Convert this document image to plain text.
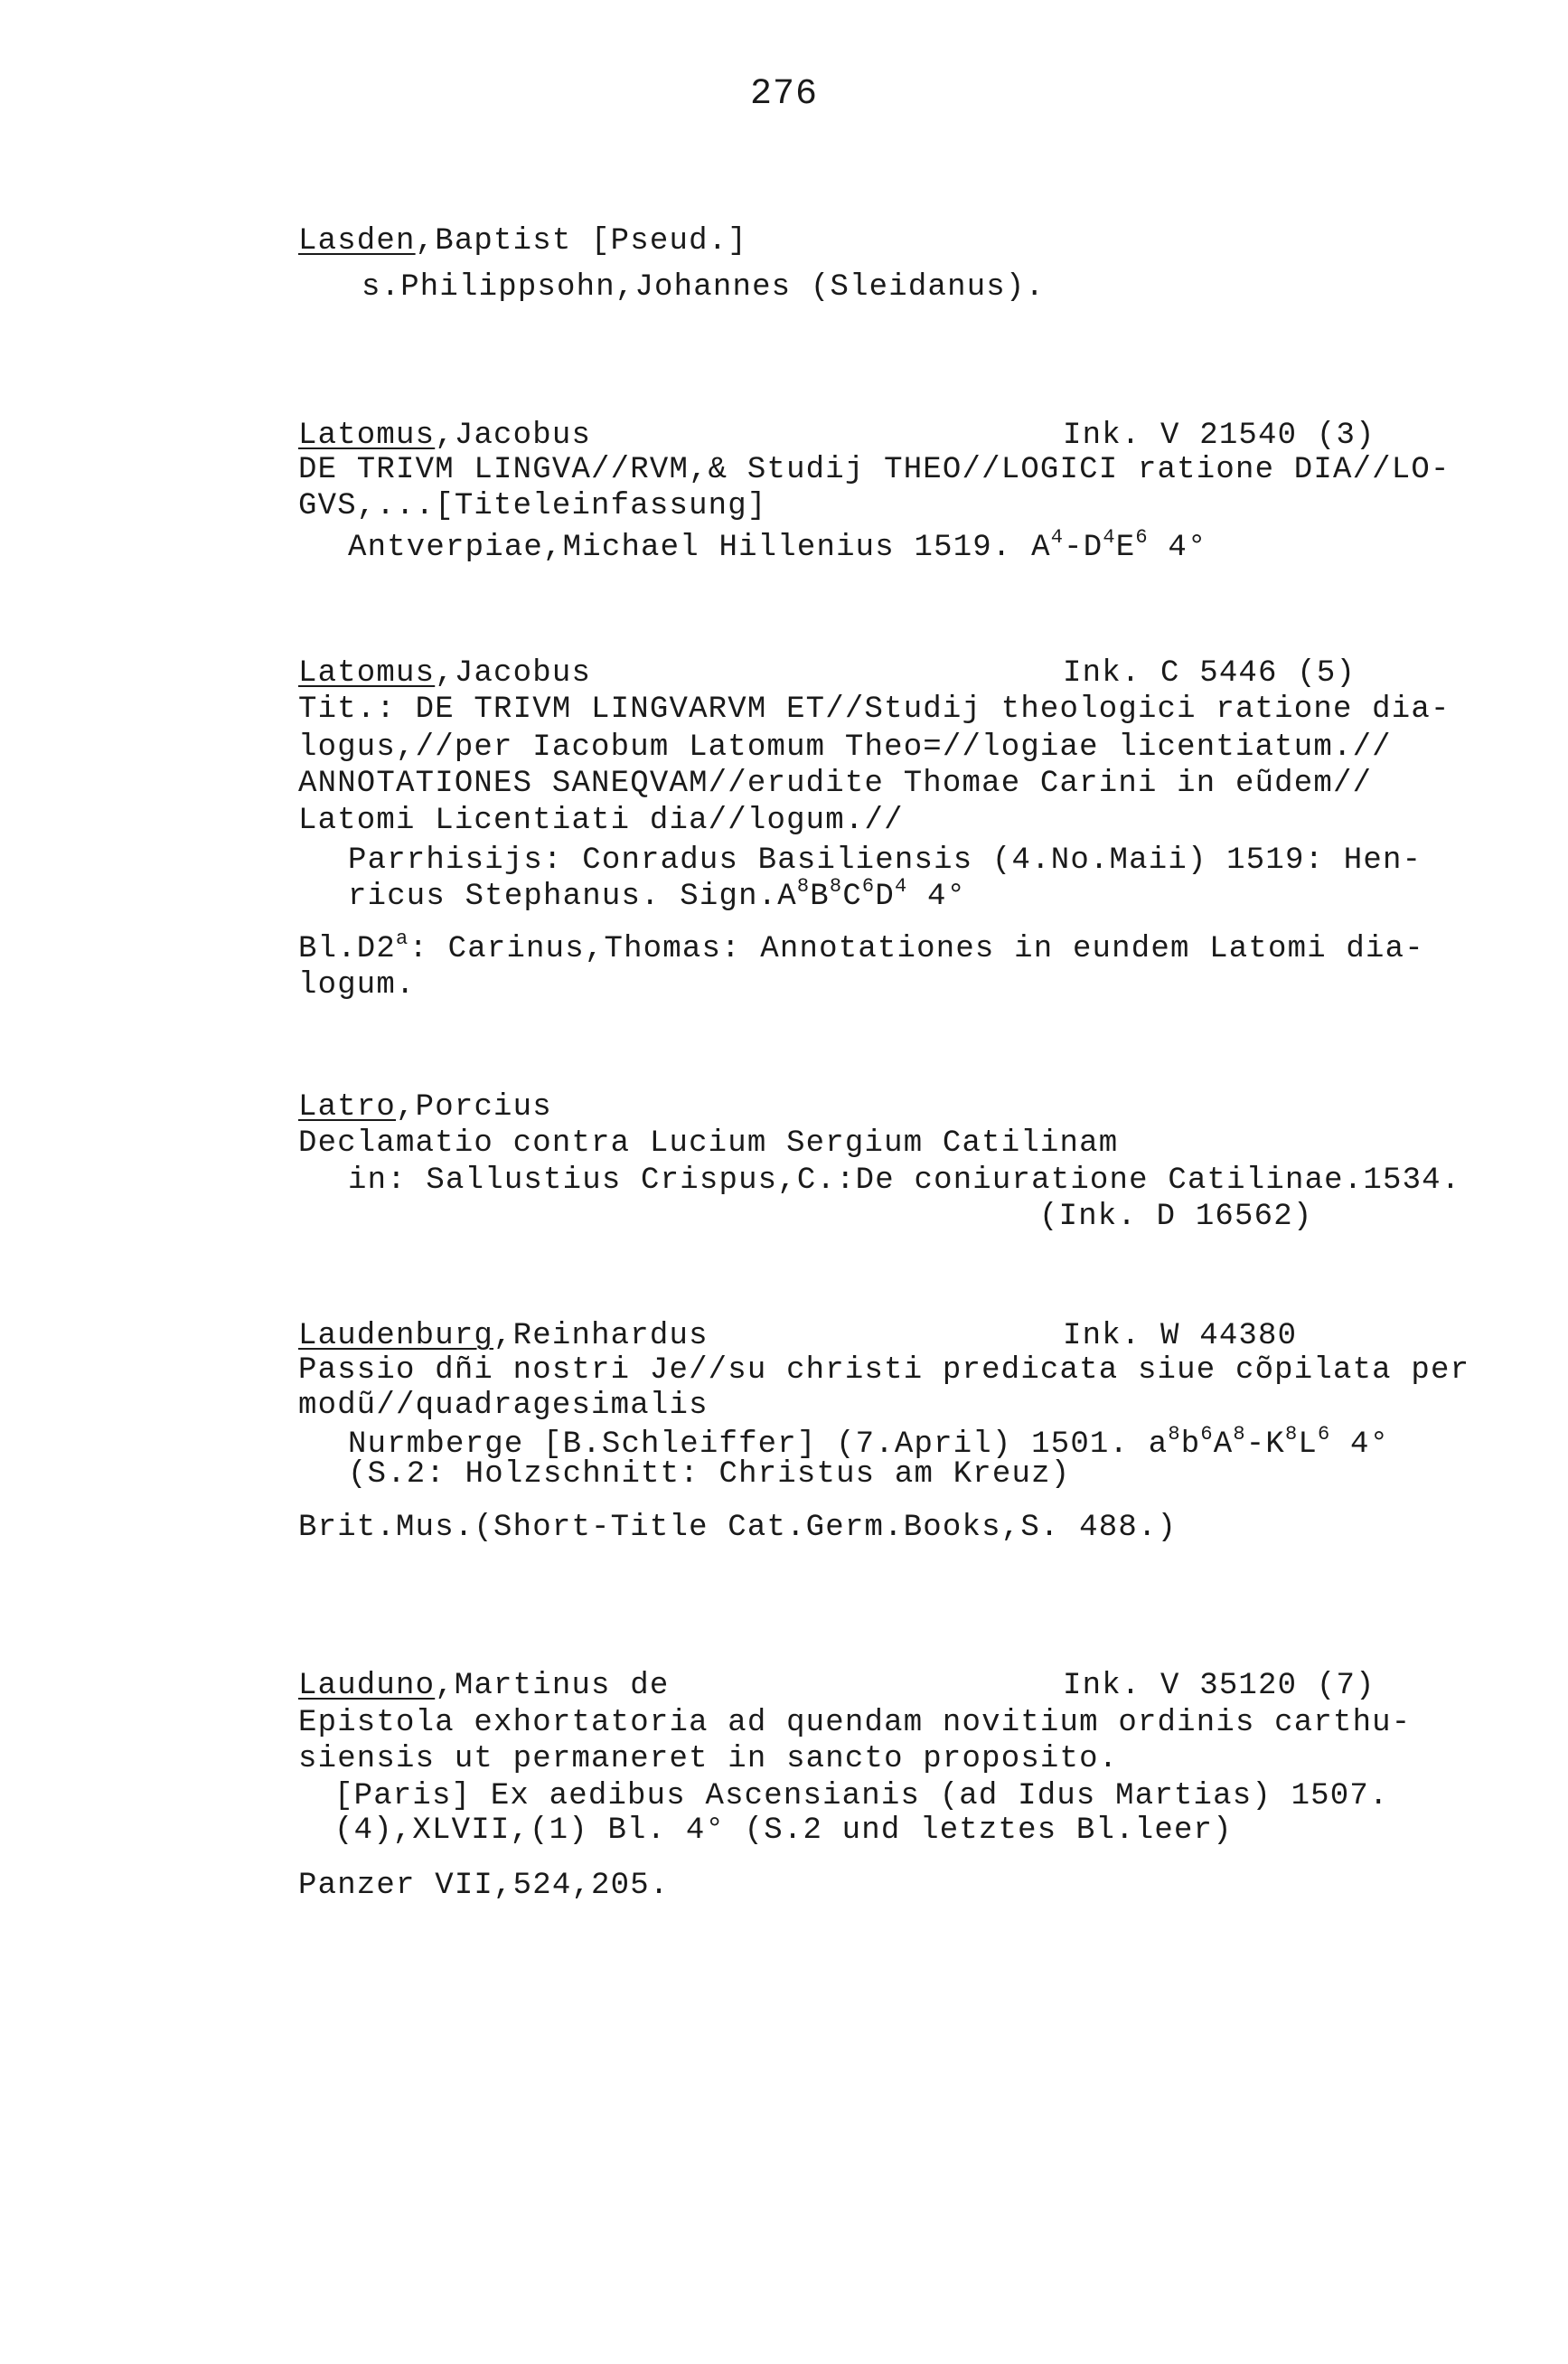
276
Lasden,Baptist [Pseud.]
s.Philippsohn,Johannes (Sleidanus).
Latomus,Jacobus	Ink. V 21540 (3)
DE TRIVM LINGVA//RVM,& Studij THEO//LOGICI ratione DIA//LO-
GVS,...[Titeleinfassung]
Antverpiae,Michael Hillenius 1519. $A^4-D^4E^6$ 4°
Latomus,Jacobus	Ink. C 5446 (5)
Tit.: DE TRIVM LINGVARVM ET//Studij theologici ratione dia-
logus,//per Iacobum Latomum Theo=//logiae licentiatum.//
ANNOTATIONES SANEQVAM//erudite Thomae Carini in eũdem//
Latomi Licentiati dia//logum.//
Parrhisijs: Conradus Basiliensis (4.No.Maii) 1519: Hen-
ricus Stephanus. $Sign.A^8B^8C^6D^4$ 4°
Bl.D2$^a$: Carinus,Thomas: Annotationes in eundem Latomi dia-
logum.
Latro,Porcius
Declamatio contra Lucium Sergium Catilinam
in: Sallustius Crispus,C.:De coniuratione Catilinae.1534.
(Ink. D 16562)
Laudenburg,Reinhardus	Ink. W 44380
Passio dñi nostri Je//su christi predicata siue cõpilata per
modũ//quadragesimalis
Nurmberge [B.Schleiffer] (7.April) 1501. $a^8b^6A^8-K^8L^6$ 4°
(S.2: Holzschnitt: Christus am Kreuz)
Brit.Mus.(Short-Title Cat.Germ.Books,S. 488.)
Lauduno,Martinus de	Ink. V 35120 (7)
Epistola exhortatoria ad quendam novitium ordinis carthu-
siensis ut permaneret in sancto proposito.
[Paris] Ex aedibus Ascensianis (ad Idus Martias) 1507.
(4),XLVII,(1) Bl. 4° (S.2 und letztes Bl.leer)
Panzer VII,524,205.
